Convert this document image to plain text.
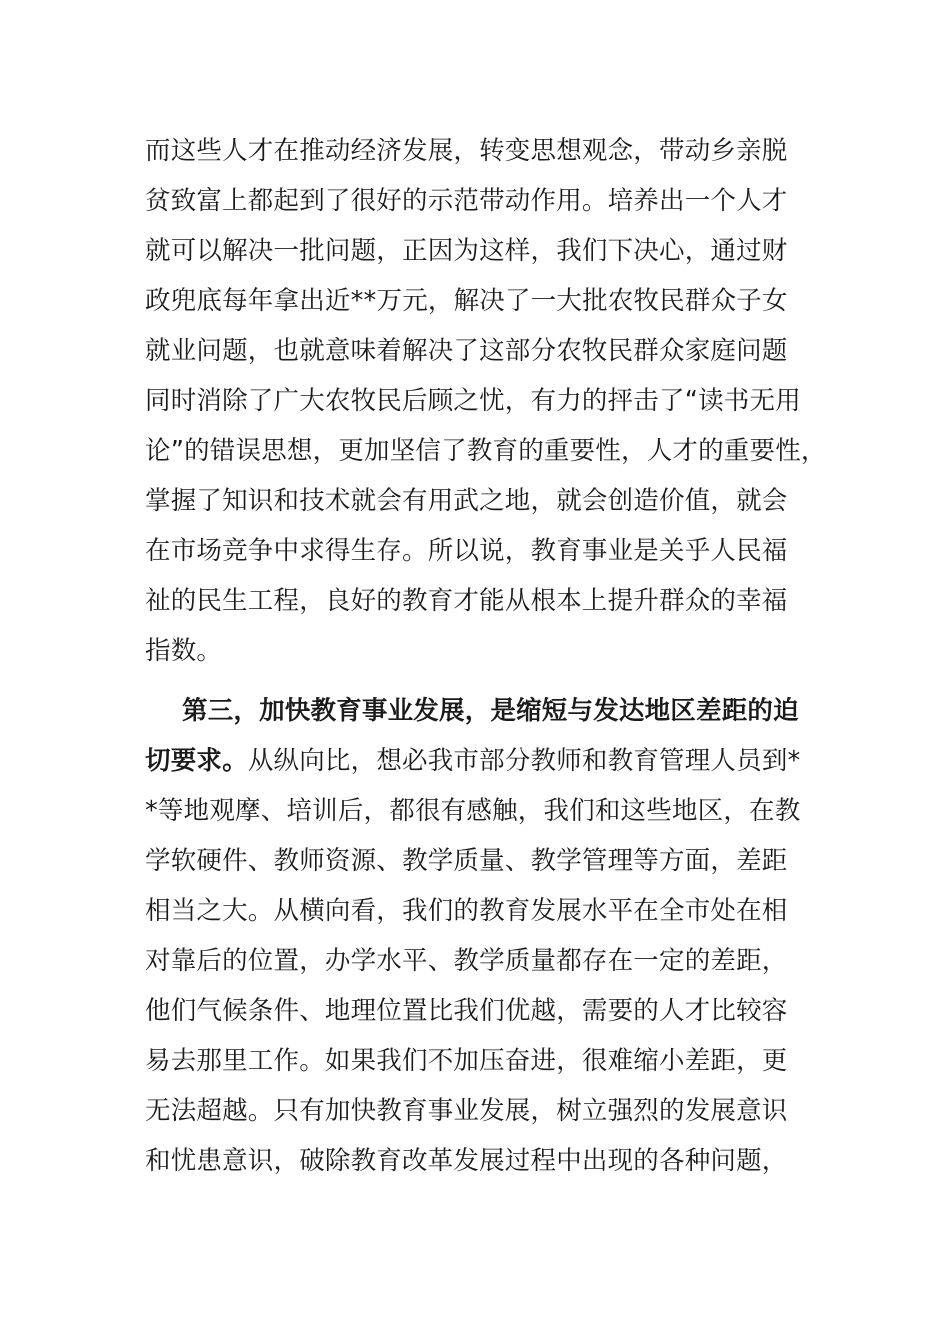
而这些人才在推动经济发展，转变思想观念，带动乡亲脱
贫致富上都起到了很好的示范带动作用。培养出一个人才
就可以解决一批问题，正因为这样，我们下决心，通过财
政兜底每年拿出近**万元，解决了一大批农牧民群众子女
就业问题，也就意味着解决了这部分农牧民群众家庭问题
同时消除了广大农牧民后顾之忧，有力的抨击了“读书无用
论”的错误思想，更加坚信了教育的重要性，人才的重要性，
掌握了知识和技术就会有用武之地，就会创造价值，就会
在市场竞争中求得生存。所以说，教育事业是关乎人民福
祉的民生工程，良好的教育才能从根本上提升群众的幸福
指数。
第三，加快教育事业发展，是缩短与发达地区差距的迫
切要求。从纵向比，想必我市部分教师和教育管理人员到*
*等地观摩、培训后，都很有感触，我们和这些地区，在教
学软硬件、教师资源、教学质量、教学管理等方面，差距
相当之大。从横向看，我们的教育发展水平在全市处在相
对靠后的位置，办学水平、教学质量都存在一定的差距，
他们气候条件、地理位置比我们优越，需要的人才比较容
易去那里工作。如果我们不加压奋进，很难缩小差距，更
无法超越。只有加快教育事业发展，树立强烈的发展意识
和忧患意识，破除教育改革发展过程中出现的各种问题，
